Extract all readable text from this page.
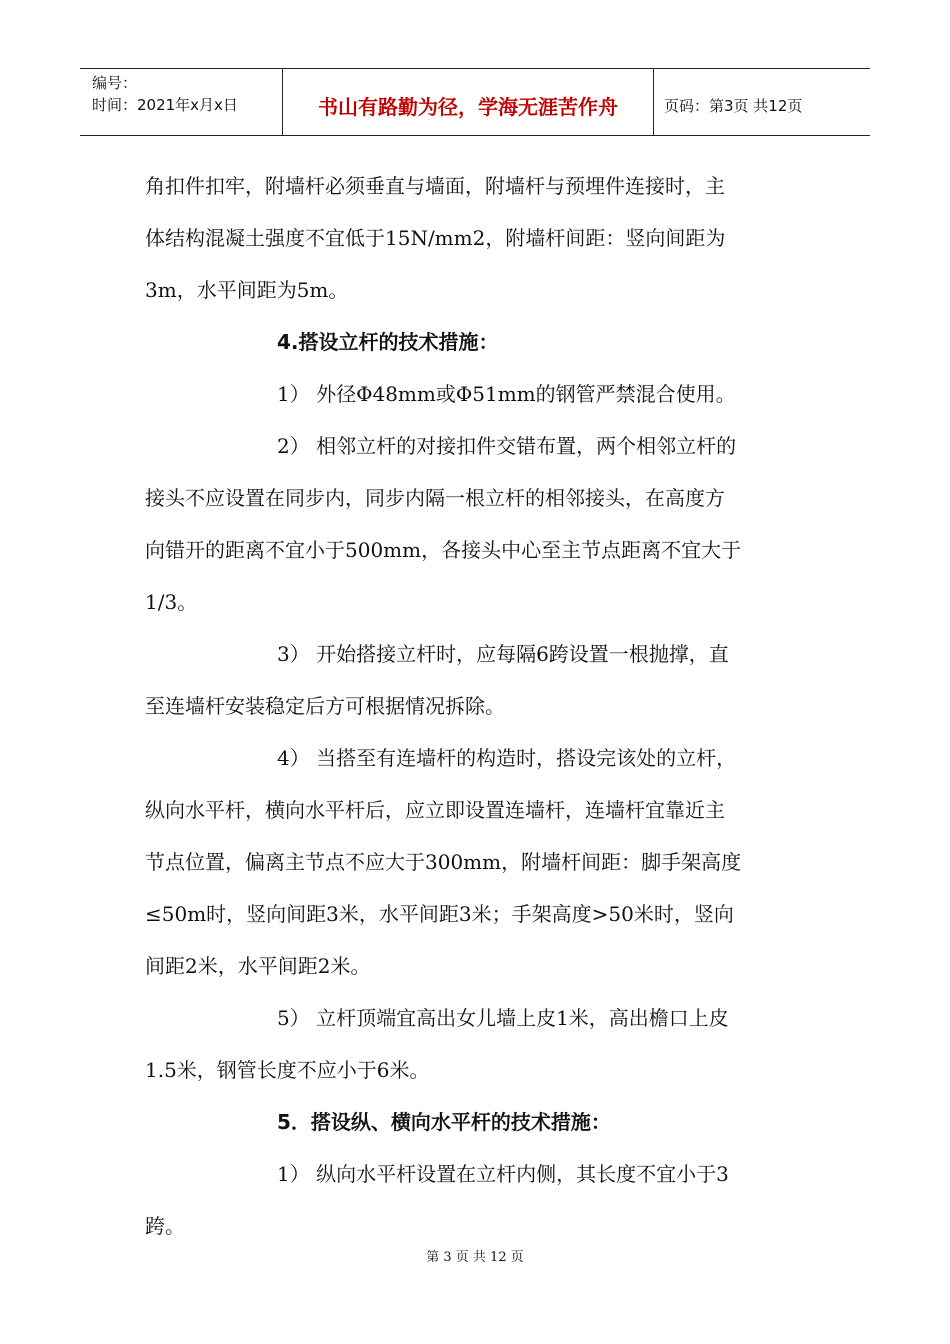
编号：
时间：2021年x月x日	书山有路勤为径，学海无涯苦作舟	页码：第3页 共12页
角扣件扣牢，附墙杆必须垂直与墙面，附墙杆与预埋件连接时，主
体结构混凝土强度不宜低于15N/mm2，附墙杆间距：竖向间距为
3m，水平间距为5m。
4.搭设立杆的技术措施：
1） 外径Φ48mm或Φ51mm的钢管严禁混合使用。
2） 相邻立杆的对接扣件交错布置，两个相邻立杆的
接头不应设置在同步内，同步内隔一根立杆的相邻接头，在高度方
向错开的距离不宜小于500mm，各接头中心至主节点距离不宜大于
1/3。
3） 开始搭接立杆时，应每隔6跨设置一根抛撑，直
至连墙杆安装稳定后方可根据情况拆除。
4） 当搭至有连墙杆的构造时，搭设完该处的立杆，
纵向水平杆，横向水平杆后，应立即设置连墙杆，连墙杆宜靠近主
节点位置，偏离主节点不应大于300mm，附墙杆间距：脚手架高度
≤50m时，竖向间距3米，水平间距3米；手架高度>50米时，竖向
间距2米，水平间距2米。
5） 立杆顶端宜高出女儿墙上皮1米，高出檐口上皮
1.5米，钢管长度不应小于6米。
5．搭设纵、横向水平杆的技术措施：
1） 纵向水平杆设置在立杆内侧，其长度不宜小于3
跨。
第 3 页 共 12 页
